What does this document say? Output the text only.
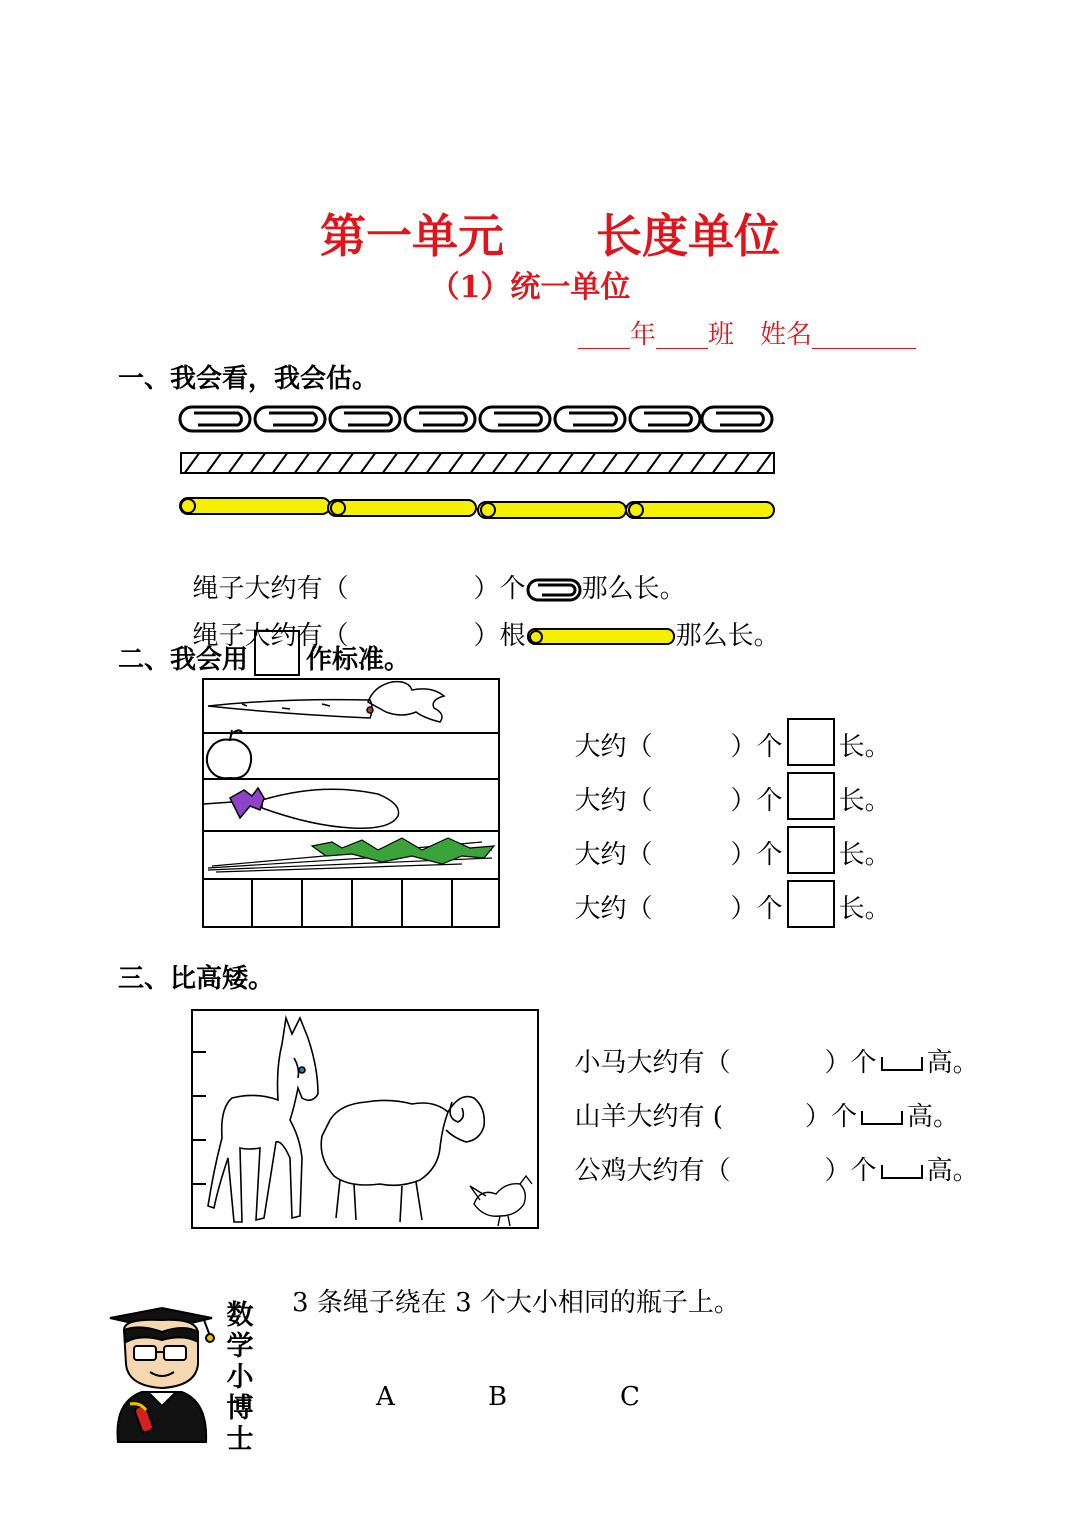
第一单元　　长度单位
（1）统一单位
____年____班　姓名________
一、我会看，我会估。

绳子大约有（	）个 那么长。

绳子大约有（	）根	那么长。

二、我会用 作标准。

大约（	）个 长。

大约（	）个 长。

大约（	）个 长。

大约（	）个 长。

三、比高矮。

小马大约有（	）个 高。

山羊大约有 (	）个 高。

公鸡大约有（	）个 高。

数
学
小
博
士
3 条绳子绕在 3 个大小相同的瓶子上。
A	B	C
